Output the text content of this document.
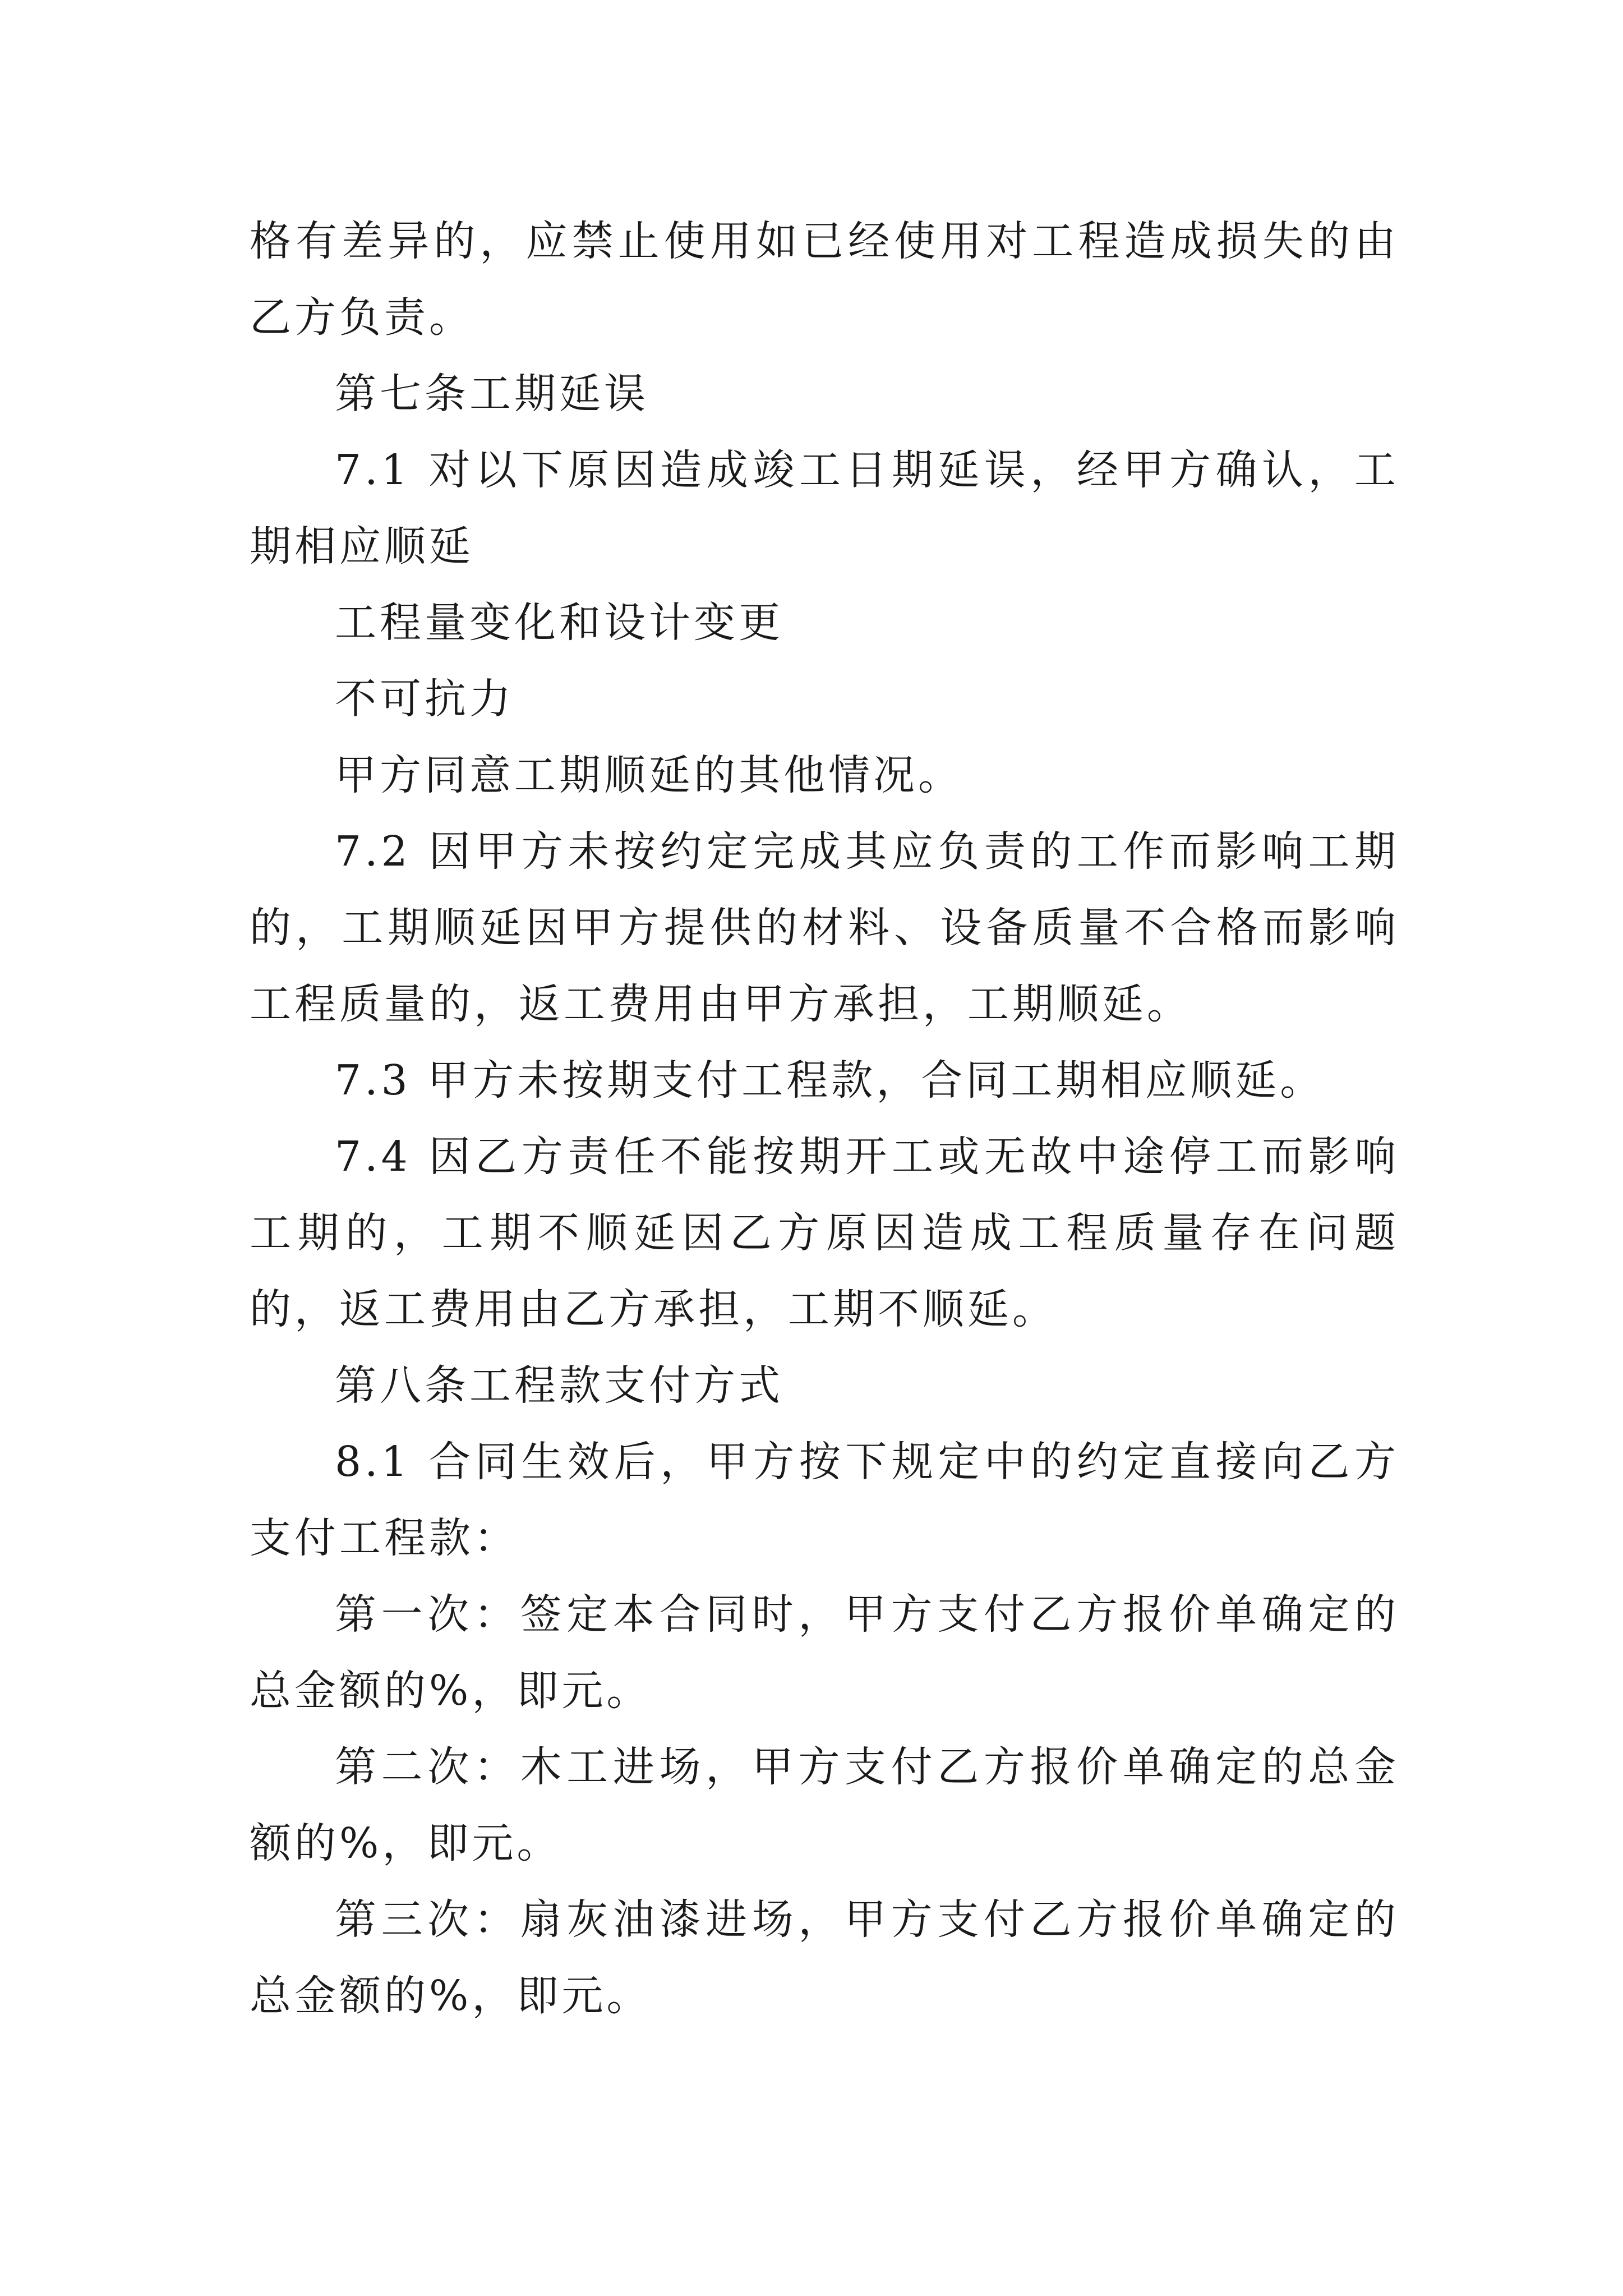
格有差异的，应禁止使用如已经使用对工程造成损失的由乙方负责。

第七条工期延误

7.1 对以下原因造成竣工日期延误，经甲方确认，工期相应顺延

工程量变化和设计变更

不可抗力

甲方同意工期顺延的其他情况。

7.2 因甲方未按约定完成其应负责的工作而影响工期的，工期顺延因甲方提供的材料、设备质量不合格而影响工程质量的，返工费用由甲方承担，工期顺延。

7.3 甲方未按期支付工程款，合同工期相应顺延。

7.4 因乙方责任不能按期开工或无故中途停工而影响工期的，工期不顺延因乙方原因造成工程质量存在问题的，返工费用由乙方承担，工期不顺延。

第八条工程款支付方式

8.1 合同生效后，甲方按下规定中的约定直接向乙方支付工程款：

第一次：签定本合同时，甲方支付乙方报价单确定的总金额的%，即元。

第二次：木工进场，甲方支付乙方报价单确定的总金额的%，即元。

第三次：扇灰油漆进场，甲方支付乙方报价单确定的总金额的%，即元。
